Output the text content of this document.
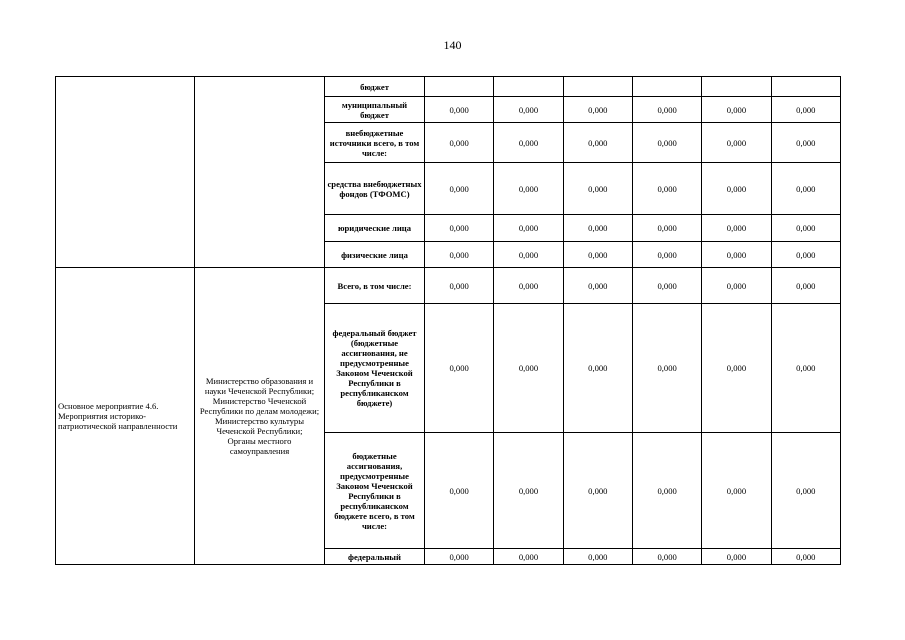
140
		бюджет						
		муниципальный бюджет	0,000	0,000	0,000	0,000	0,000	0,000
		внебюджетные источники всего, в том числе:	0,000	0,000	0,000	0,000	0,000	0,000
		средства внебюджетных фондов (ТФОМС)	0,000	0,000	0,000	0,000	0,000	0,000
		юридические лица	0,000	0,000	0,000	0,000	0,000	0,000
		физические лица	0,000	0,000	0,000	0,000	0,000	0,000
Основное мероприятие 4.6. Мероприятия историко-патриотической направленности	Министерство образования и науки Чеченской Республики;
Министерство Чеченской Республики по делам молодежи;
Министерство культуры Чеченской Республики;
Органы местного самоуправления	Всего, в том числе:	0,000	0,000	0,000	0,000	0,000	0,000
		федеральный бюджет (бюджетные ассигнования, не предусмотренные Законом Чеченской Республики в республиканском бюджете)	0,000	0,000	0,000	0,000	0,000	0,000
		бюджетные ассигнования, предусмотренные Законом Чеченской Республики в республиканском бюджете всего, в том числе:	0,000	0,000	0,000	0,000	0,000	0,000
		федеральный	0,000	0,000	0,000	0,000	0,000	0,000
